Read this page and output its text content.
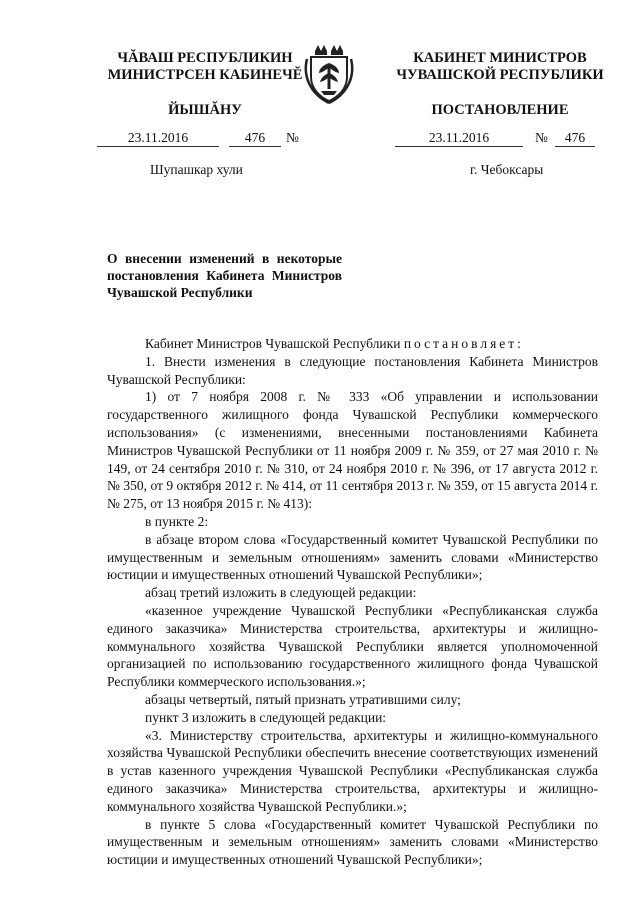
ЧĂВАШ РЕСПУБЛИКИН
МИНИСТРСЕН КАБИНЕЧĔ
ЙЫШĂНУ
КАБИНЕТ МИНИСТРОВ
ЧУВАШСКОЙ РЕСПУБЛИКИ
ПОСТАНОВЛЕНИЕ
23.11.2016	476	№	23.11.2016	№	476
Шупашкар хули	г. Чебоксары
О внесении изменений в некоторые постановления Кабинета Министров Чувашской Республики

Кабинет Министров Чувашской Республики постановляет:

1. Внести изменения в следующие постановления Кабинета Министров Чувашской Республики:

1) от 7 ноября 2008 г. № 333 «Об управлении и использовании государственного жилищного фонда Чувашской Республики коммерческого использования» (с изменениями, внесенными постановлениями Кабинета Министров Чувашской Республики от 11 ноября 2009 г. № 359, от 27 мая 2010 г. № 149, от 24 сентября 2010 г. № 310, от 24 ноября 2010 г. № 396, от 17 августа 2012 г. № 350, от 9 октября 2012 г. № 414, от 11 сентября 2013 г. № 359, от 15 августа 2014 г. № 275, от 13 ноября 2015 г. № 413):

в пункте 2:

в абзаце втором слова «Государственный комитет Чувашской Республики по имущественным и земельным отношениям» заменить словами «Министерство юстиции и имущественных отношений Чувашской Республики»;

абзац третий изложить в следующей редакции:

«казенное учреждение Чувашской Республики «Республиканская служба единого заказчика» Министерства строительства, архитектуры и жилищно-коммунального хозяйства Чувашской Республики является уполномоченной организацией по использованию государственного жилищного фонда Чувашской Республики коммерческого использования.»;

абзацы четвертый, пятый признать утратившими силу;

пункт 3 изложить в следующей редакции:

«3. Министерству строительства, архитектуры и жилищно-коммунального хозяйства Чувашской Республики обеспечить внесение соответствующих изменений в устав казенного учреждения Чувашской Республики «Республиканская служба единого заказчика» Министерства строительства, архитектуры и жилищно-коммунального хозяйства Чувашской Республики.»;

в пункте 5 слова «Государственный комитет Чувашской Республики по имущественным и земельным отношениям» заменить словами «Министерство юстиции и имущественных отношений Чувашской Республики»;
